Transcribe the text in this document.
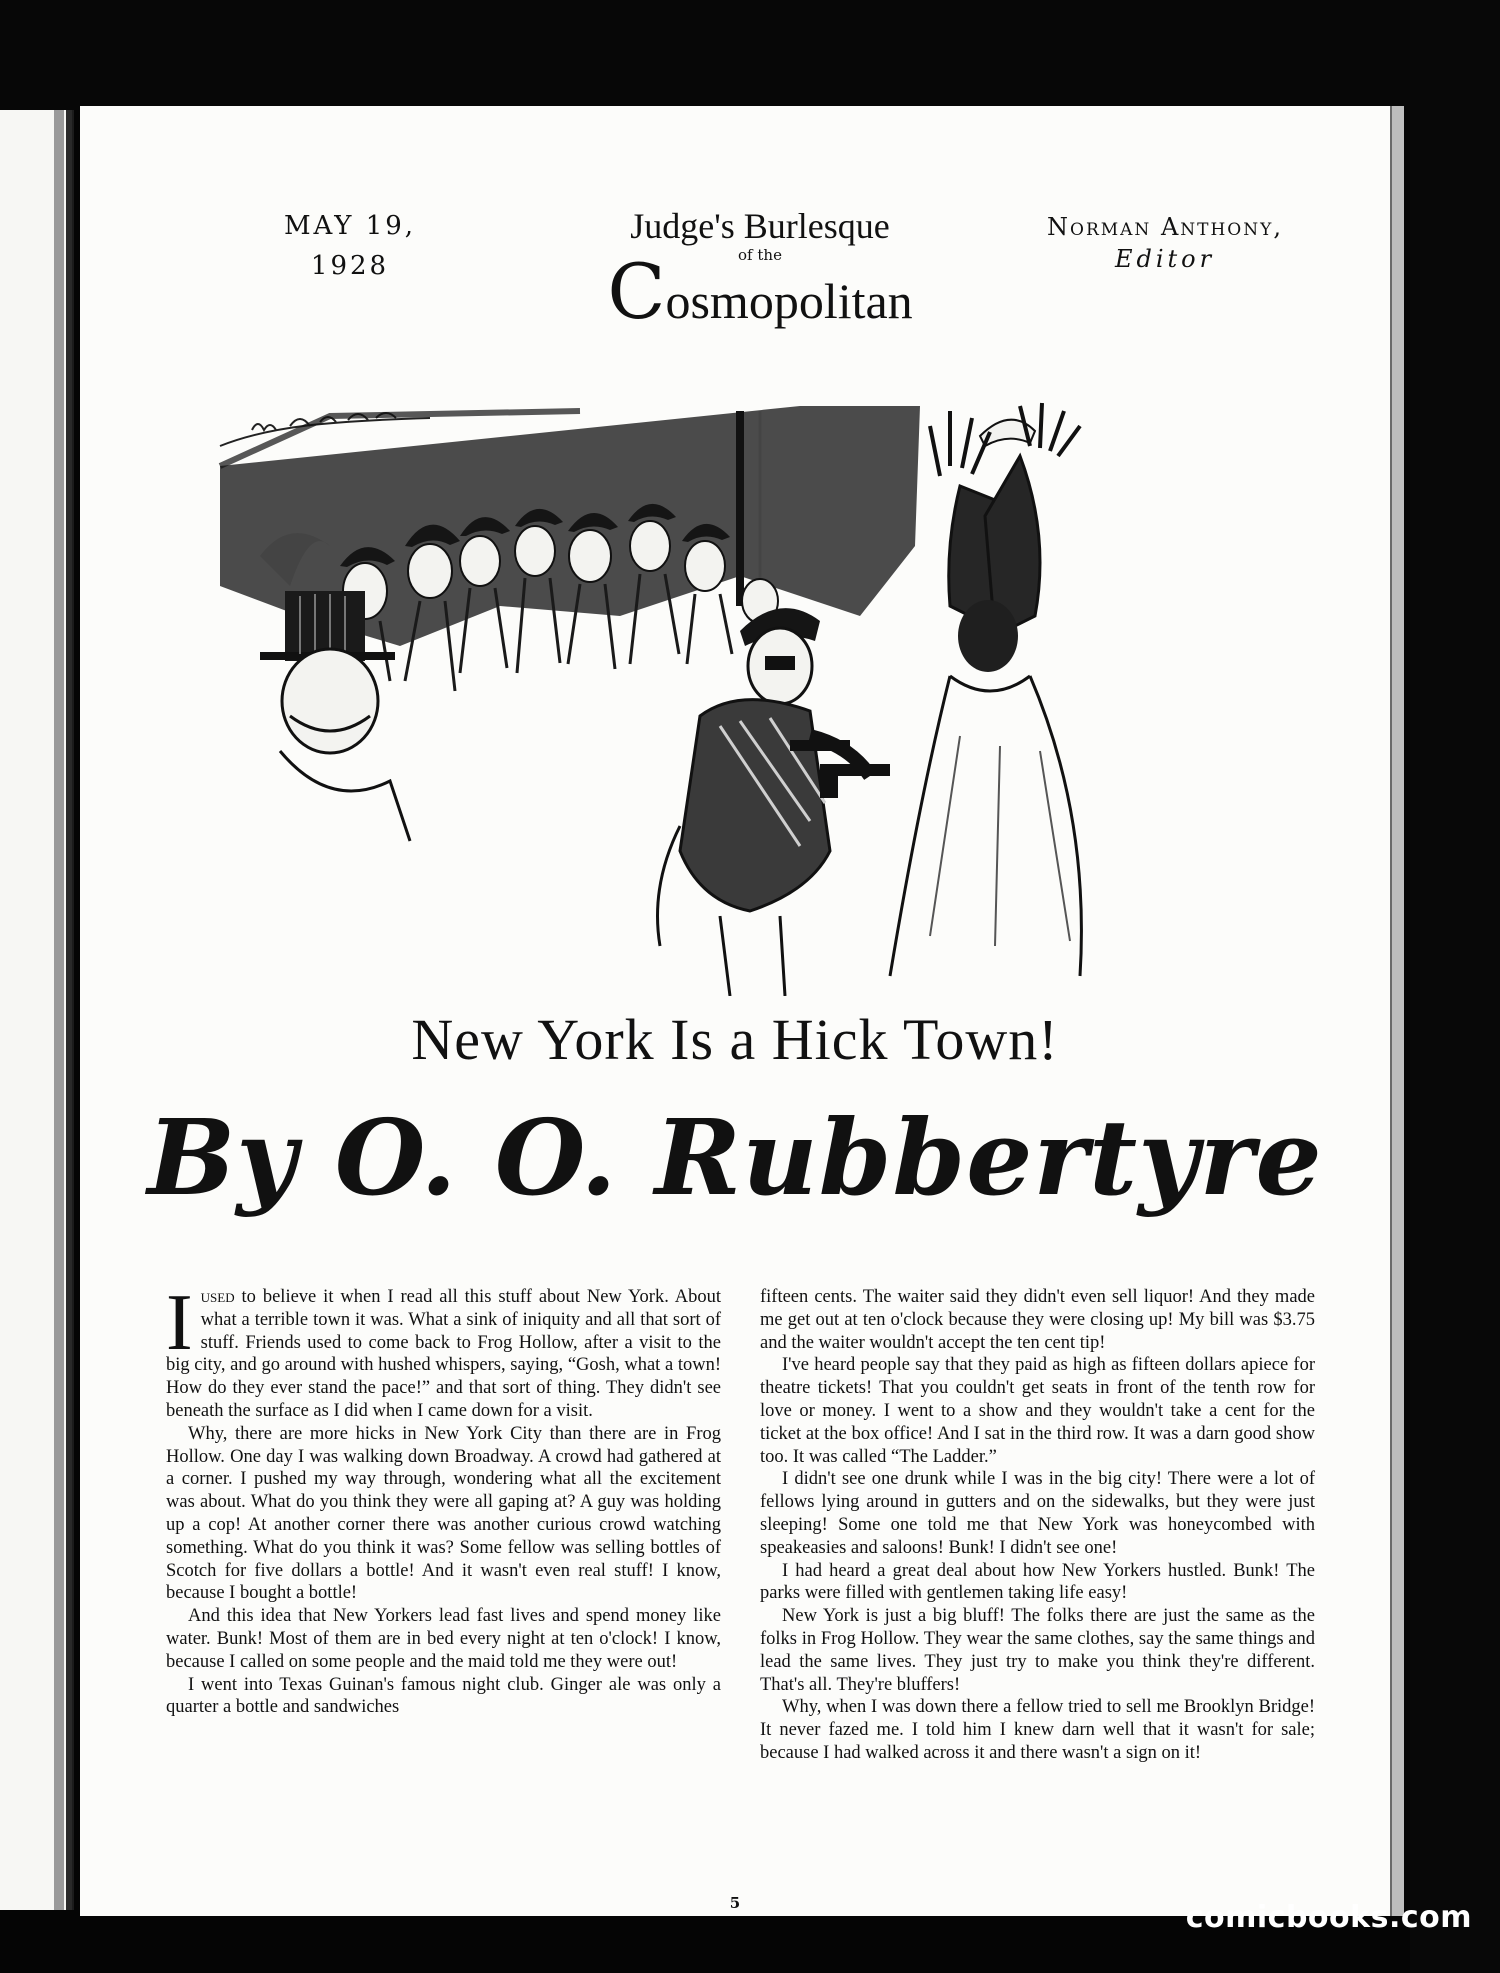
MAY 19,
1928
Judge's Burlesque
of the
Cosmopolitan
Norman Anthony,
Editor
New York Is a Hick Town!
By O. O. Rubbertyre

Iused to believe it when I read all this stuff about New York. About what a terrible town it was. What a sink of iniquity and all that sort of stuff. Friends used to come back to Frog Hollow, after a visit to the big city, and go around with hushed whispers, saying, “Gosh, what a town! How do they ever stand the pace!” and that sort of thing. They didn't see beneath the surface as I did when I came down for a visit.

Why, there are more hicks in New York City than there are in Frog Hollow. One day I was walking down Broadway. A crowd had gathered at a corner. I pushed my way through, wondering what all the excitement was about. What do you think they were all gaping at? A guy was holding up a cop! At another corner there was another curious crowd watching something. What do you think it was? Some fellow was selling bottles of Scotch for five dollars a bottle! And it wasn't even real stuff! I know, because I bought a bottle!

And this idea that New Yorkers lead fast lives and spend money like water. Bunk! Most of them are in bed every night at ten o'clock! I know, because I called on some people and the maid told me they were out!

I went into Texas Guinan's famous night club. Ginger ale was only a quarter a bottle and sandwiches

fifteen cents. The waiter said they didn't even sell liquor! And they made me get out at ten o'clock because they were closing up! My bill was $3.75 and the waiter wouldn't accept the ten cent tip!

I've heard people say that they paid as high as fifteen dollars apiece for theatre tickets! That you couldn't get seats in front of the tenth row for love or money. I went to a show and they wouldn't take a cent for the ticket at the box office! And I sat in the third row. It was a darn good show too. It was called “The Ladder.”

I didn't see one drunk while I was in the big city! There were a lot of fellows lying around in gutters and on the sidewalks, but they were just sleeping! Some one told me that New York was honeycombed with speakeasies and saloons! Bunk! I didn't see one!

I had heard a great deal about how New Yorkers hustled. Bunk! The parks were filled with gentlemen taking life easy!

New York is just a big bluff! The folks there are just the same as the folks in Frog Hollow. They wear the same clothes, say the same things and lead the same lives. They just try to make you think they're different. That's all. They're bluffers!

Why, when I was down there a fellow tried to sell me Brooklyn Bridge! It never fazed me. I told him I knew darn well that it wasn't for sale; because I had walked across it and there wasn't a sign on it!

5	comicbooks.com
